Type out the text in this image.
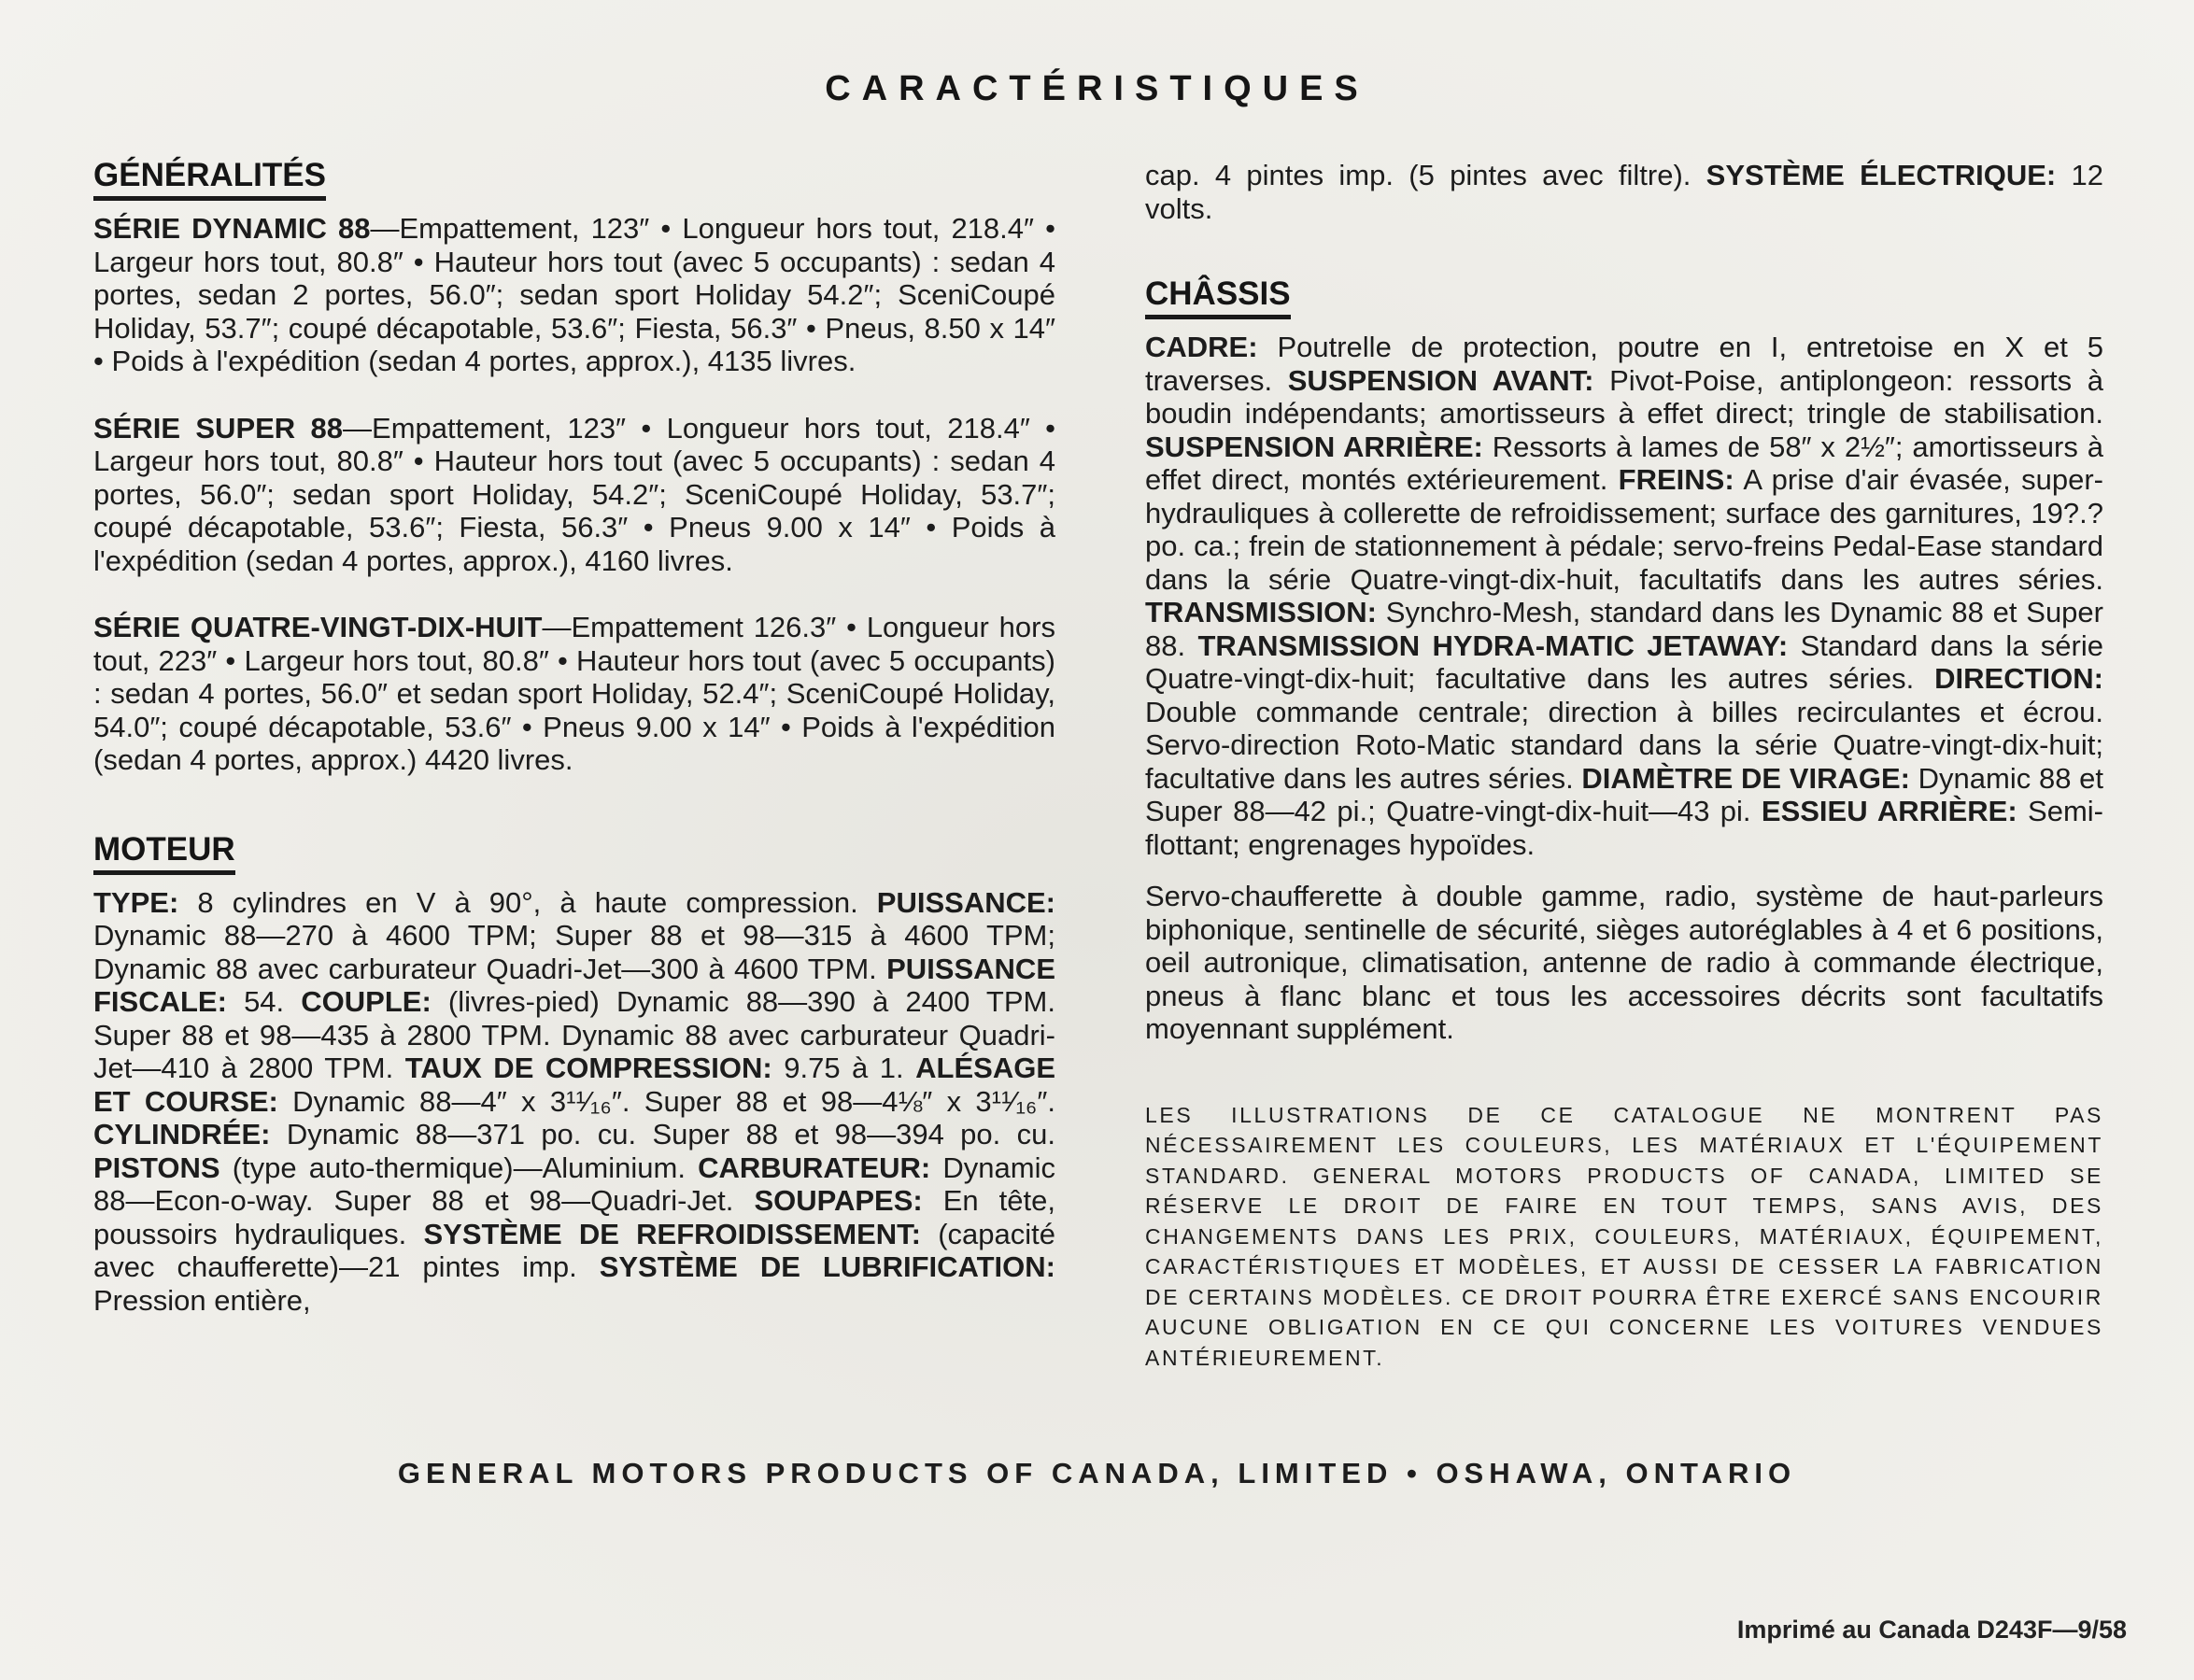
CARACTÉRISTIQUES
GÉNÉRALITÉS

SÉRIE DYNAMIC 88—Empattement, 123″ • Longueur hors tout, 218.4″ • Largeur hors tout, 80.8″ • Hauteur hors tout (avec 5 occupants) : sedan 4 portes, sedan 2 portes, 56.0″; sedan sport Holiday 54.2″; SceniCoupé Holiday, 53.7″; coupé décapotable, 53.6″; Fiesta, 56.3″ • Pneus, 8.50 x 14″ • Poids à l'expédition (sedan 4 portes, approx.), 4135 livres.

SÉRIE SUPER 88—Empattement, 123″ • Longueur hors tout, 218.4″ • Largeur hors tout, 80.8″ • Hauteur hors tout (avec 5 occupants) : sedan 4 portes, 56.0″; sedan sport Holiday, 54.2″; SceniCoupé Holiday, 53.7″; coupé décapotable, 53.6″; Fiesta, 56.3″ • Pneus 9.00 x 14″ • Poids à l'expédition (sedan 4 portes, approx.), 4160 livres.

SÉRIE QUATRE-VINGT-DIX-HUIT—Empattement 126.3″ • Longueur hors tout, 223″ • Largeur hors tout, 80.8″ • Hauteur hors tout (avec 5 occupants) : sedan 4 portes, 56.0″ et sedan sport Holiday, 52.4″; SceniCoupé Holiday, 54.0″; coupé décapotable, 53.6″ • Pneus 9.00 x 14″ • Poids à l'expédition (sedan 4 portes, approx.) 4420 livres.

MOTEUR

TYPE: 8 cylindres en V à 90°, à haute compression. PUISSANCE: Dynamic 88—270 à 4600 TPM; Super 88 et 98—315 à 4600 TPM; Dynamic 88 avec carburateur Quadri-Jet—300 à 4600 TPM. PUISSANCE FISCALE: 54. COUPLE: (livres-pied) Dynamic 88—390 à 2400 TPM. Super 88 et 98—435 à 2800 TPM. Dynamic 88 avec carburateur Quadri-Jet—410 à 2800 TPM. TAUX DE COMPRESSION: 9.75 à 1. ALÉSAGE ET COURSE: Dynamic 88—4″ x 3¹¹⁄₁₆″. Super 88 et 98—4⅛″ x 3¹¹⁄₁₆″. CYLINDRÉE: Dynamic 88—371 po. cu. Super 88 et 98—394 po. cu. PISTONS (type auto-thermique)—Aluminium. CARBURATEUR: Dynamic 88—Econ-o-way. Super 88 et 98—Quadri-Jet. SOUPAPES: En tête, poussoirs hydrauliques. SYSTÈME DE REFROIDISSEMENT: (capacité avec chaufferette)—21 pintes imp. SYSTÈME DE LUBRIFICATION: Pression entière,

cap. 4 pintes imp. (5 pintes avec filtre). SYSTÈME ÉLECTRIQUE: 12 volts.

CHÂSSIS

CADRE: Poutrelle de protection, poutre en I, entretoise en X et 5 traverses. SUSPENSION AVANT: Pivot-Poise, antiplongeon: ressorts à boudin indépendants; amortisseurs à effet direct; tringle de stabilisation. SUSPENSION ARRIÈRE: Ressorts à lames de 58″ x 2½″; amortisseurs à effet direct, montés extérieurement. FREINS: A prise d'air évasée, super-hydrauliques à collerette de refroidissement; surface des garnitures, 19?.? po. ca.; frein de stationnement à pédale; servo-freins Pedal-Ease standard dans la série Quatre-vingt-dix-huit, facultatifs dans les autres séries. TRANSMISSION: Synchro-Mesh, standard dans les Dynamic 88 et Super 88. TRANSMISSION HYDRA-MATIC JETAWAY: Standard dans la série Quatre-vingt-dix-huit; facultative dans les autres séries. DIRECTION: Double commande centrale; direction à billes recirculantes et écrou. Servo-direction Roto-Matic standard dans la série Quatre-vingt-dix-huit; facultative dans les autres séries. DIAMÈTRE DE VIRAGE: Dynamic 88 et Super 88—42 pi.; Quatre-vingt-dix-huit—43 pi. ESSIEU ARRIÈRE: Semi-flottant; engrenages hypoïdes.

Servo-chaufferette à double gamme, radio, système de haut-parleurs biphonique, sentinelle de sécurité, sièges autoréglables à 4 et 6 positions, oeil autronique, climatisation, antenne de radio à commande électrique, pneus à flanc blanc et tous les accessoires décrits sont facultatifs moyennant supplément.

LES ILLUSTRATIONS DE CE CATALOGUE NE MONTRENT PAS NÉCESSAIREMENT LES COULEURS, LES MATÉRIAUX ET L'ÉQUIPEMENT STANDARD. GENERAL MOTORS PRODUCTS OF CANADA, LIMITED SE RÉSERVE LE DROIT DE FAIRE EN TOUT TEMPS, SANS AVIS, DES CHANGEMENTS DANS LES PRIX, COULEURS, MATÉRIAUX, ÉQUIPEMENT, CARACTÉRISTIQUES ET MODÈLES, ET AUSSI DE CESSER LA FABRICATION DE CERTAINS MODÈLES. CE DROIT POURRA ÊTRE EXERCÉ SANS ENCOURIR AUCUNE OBLIGATION EN CE QUI CONCERNE LES VOITURES VENDUES ANTÉRIEUREMENT.

GENERAL MOTORS PRODUCTS OF CANADA, LIMITED • OSHAWA, ONTARIO
Imprimé au Canada D243F—9/58
